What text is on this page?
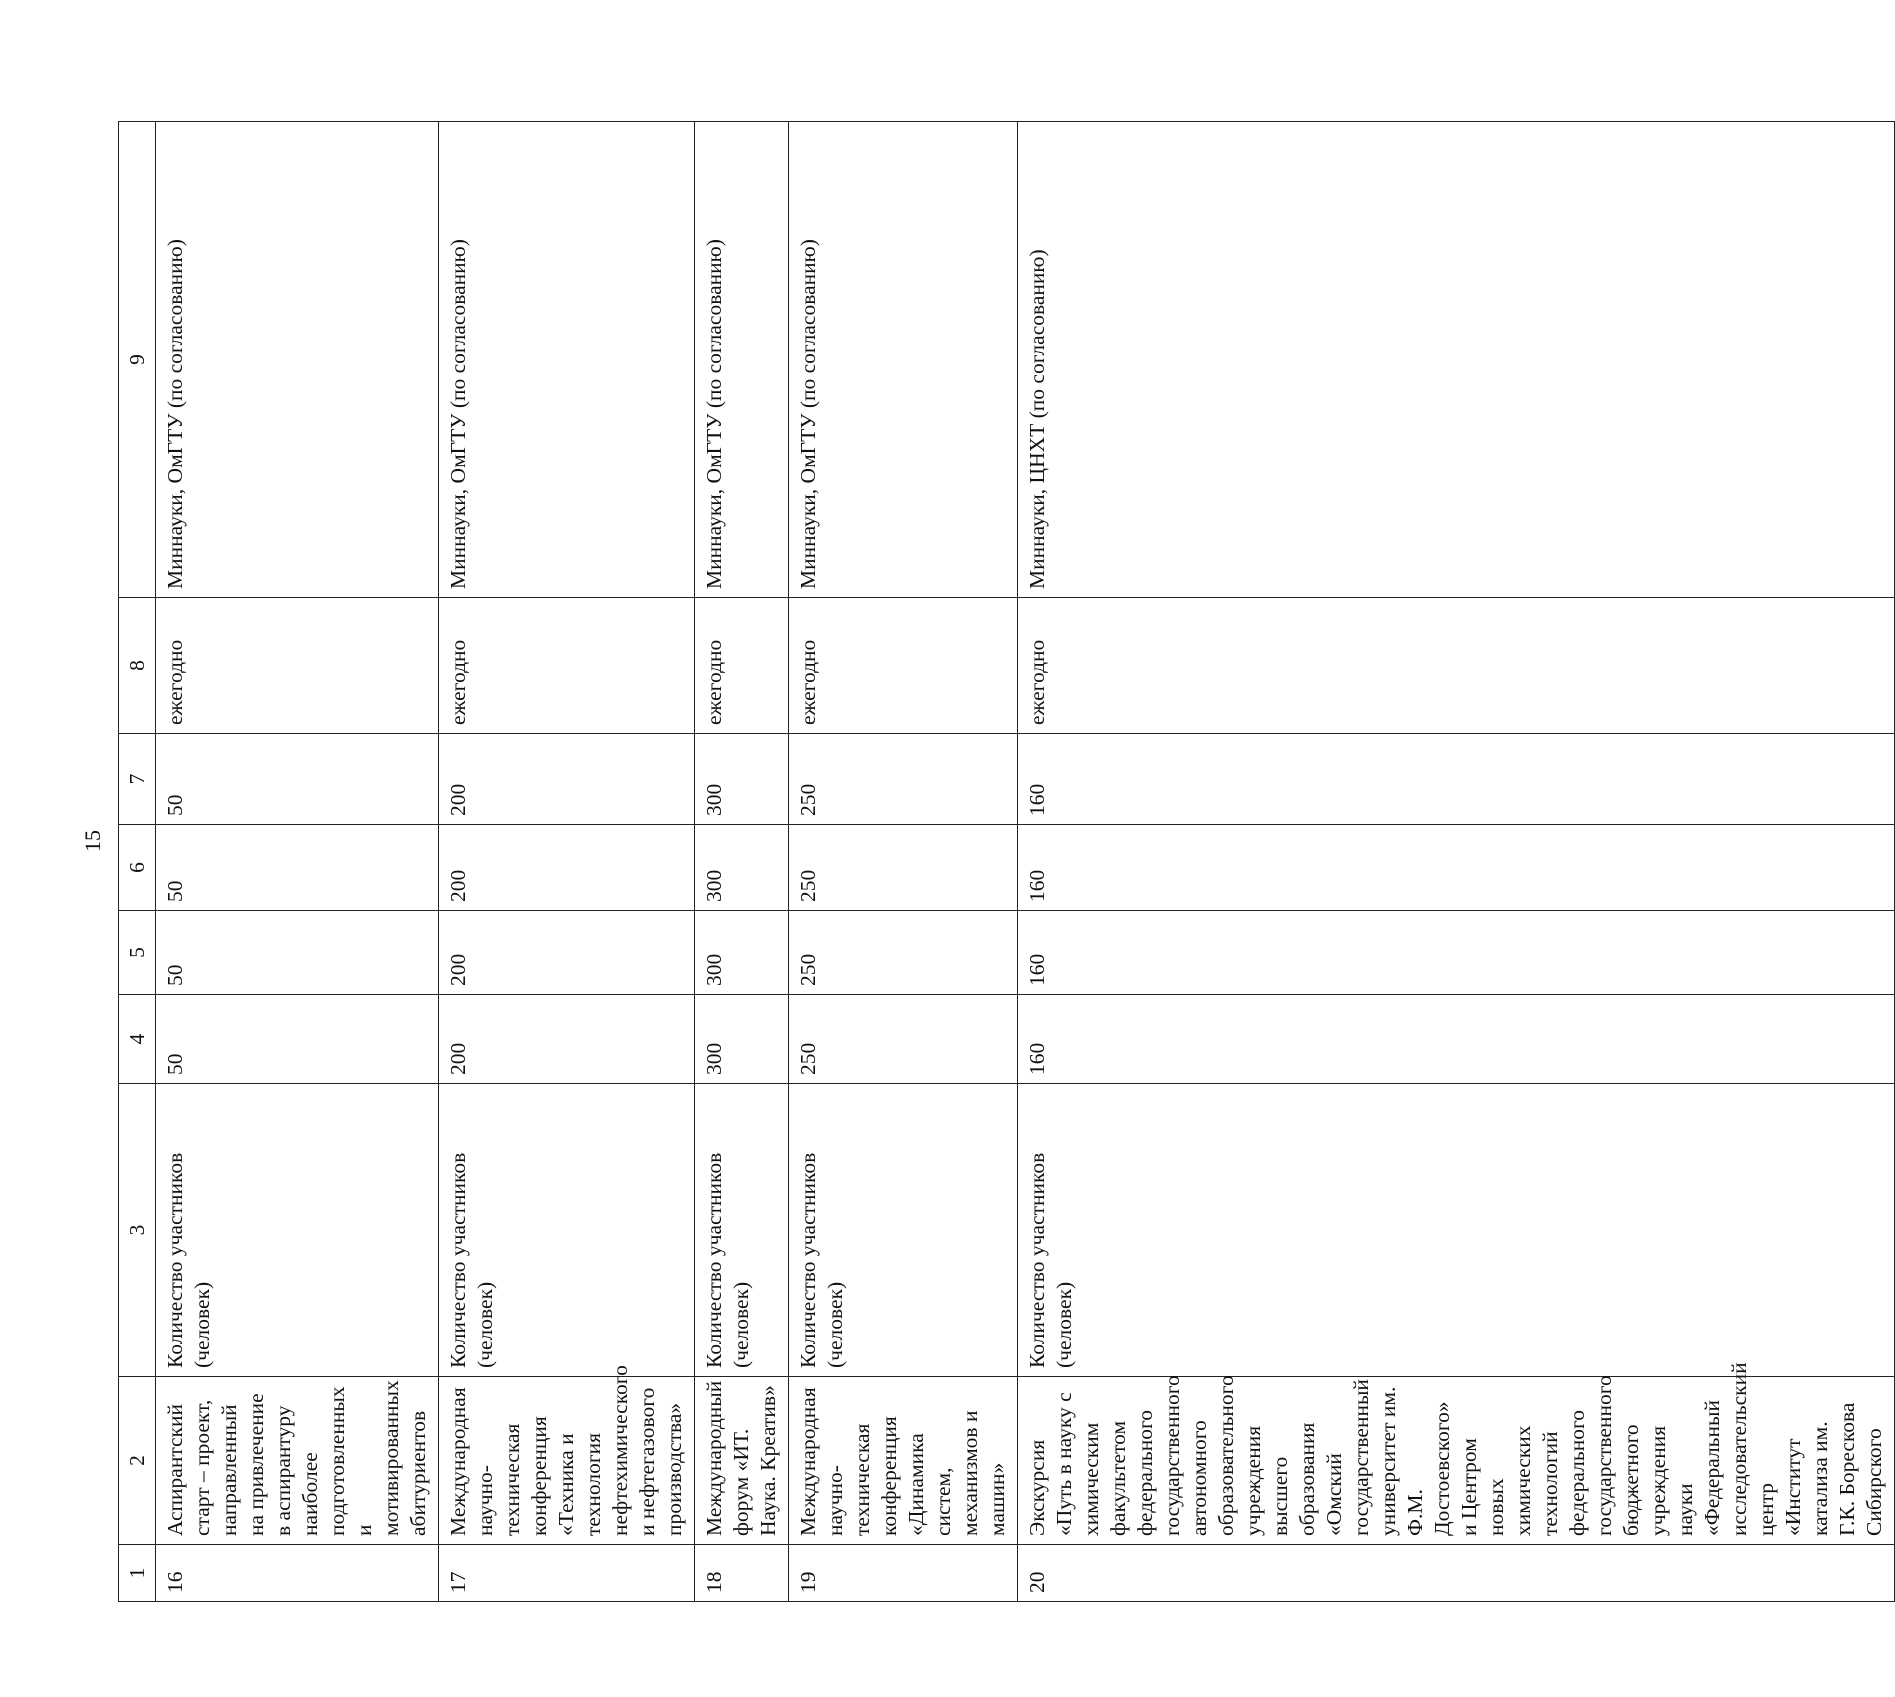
15
1	2	3	4	5	6	7	8	9
16	Аспирантский старт – проект, направленный на привлечение в аспирантуру наиболее подготовленных и мотивированных абитуриентов	Количество участников (человек)	50	50	50	50	ежегодно	Миннауки, ОмГТУ (по согласованию)
17	Международная научно-техническая конференция «Техника и технология нефтехимического и нефтегазового производства»	Количество участников (человек)	200	200	200	200	ежегодно	Миннауки, ОмГТУ (по согласованию)
18	Международный форум «ИТ. Наука. Креатив»	Количество участников (человек)	300	300	300	300	ежегодно	Миннауки, ОмГТУ (по согласованию)
19	Международная научно-техническая конференция «Динамика систем, механизмов и машин»	Количество участников (человек)	250	250	250	250	ежегодно	Миннауки, ОмГТУ (по согласованию)
20	Экскурсия «Путь в науку с химическим факультетом федерального государственного автономного образовательного учреждения высшего образования «Омский государственный университет им. Ф.М. Достоевского» и Центром новых химических технологий федерального государственного бюджетного учреждения науки «Федеральный исследовательский центр «Институт катализа им. Г.К. Борескова Сибирского	Количество участников (человек)	160	160	160	160	ежегодно	Миннауки, ЦНХТ (по согласованию)
